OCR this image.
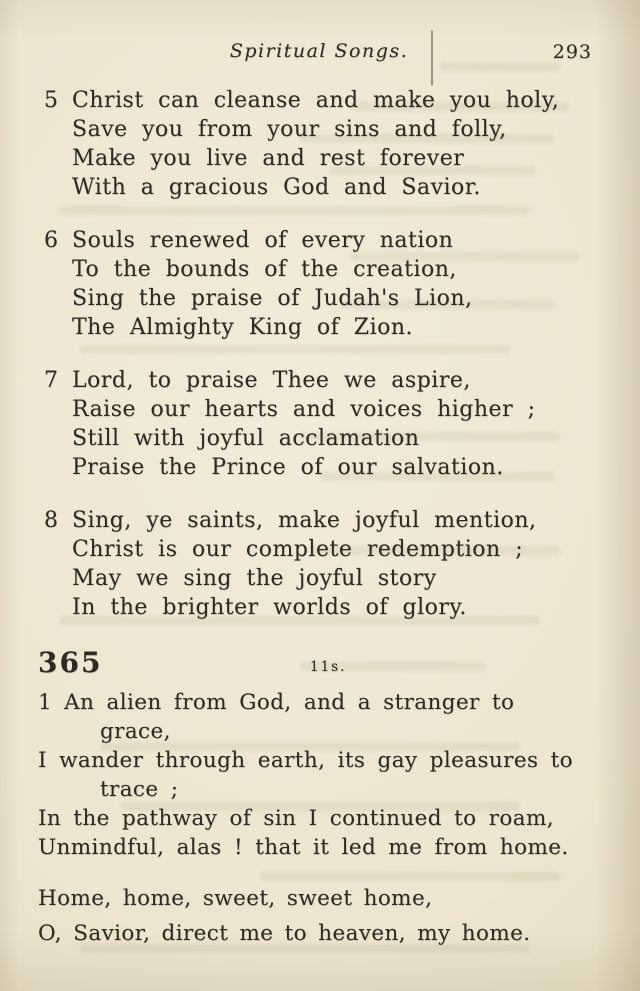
Spiritual Songs.	293
5 Christ can cleanse and make you holy,
Save you from your sins and folly,
Make you live and rest forever
With a gracious God and Savior.
6 Souls renewed of every nation
To the bounds of the creation,
Sing the praise of Judah's Lion,
The Almighty King of Zion.
7 Lord, to praise Thee we aspire,
Raise our hearts and voices higher ;
Still with joyful acclamation
Praise the Prince of our salvation.
8 Sing, ye saints, make joyful mention,
Christ is our complete redemption ;
May we sing the joyful story
In the brighter worlds of glory.
365	11s.
1 An alien from God, and a stranger to
grace,
I wander through earth, its gay pleasures to
trace ;
In the pathway of sin I continued to roam,
Unmindful, alas ! that it led me from home.
Home, home, sweet, sweet home,
O, Savior, direct me to heaven, my home.
